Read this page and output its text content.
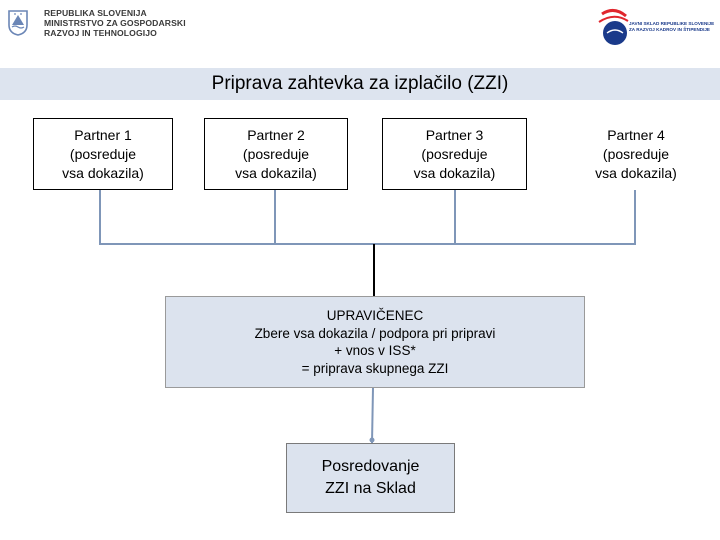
REPUBLIKA SLOVENIJA
MINISTRSTVO ZA GOSPODARSKI
RAZVOJ IN TEHNOLOGIJO
JAVNI SKLAD REPUBLIKE SLOVENIJE
ZA RAZVOJ KADROV IN ŠTIPENDIJE
Priprava zahtevka za izplačilo (ZZI)
Partner 1
(posreduje
vsa dokazila)
Partner 2
(posreduje
vsa dokazila)
Partner 3
(posreduje
vsa dokazila)
Partner 4
(posreduje
vsa dokazila)
UPRAVIČENEC
Zbere vsa dokazila / podpora pri pripravi
+ vnos v ISS*
= priprava skupnega ZZI
Posredovanje
ZZI na Sklad
